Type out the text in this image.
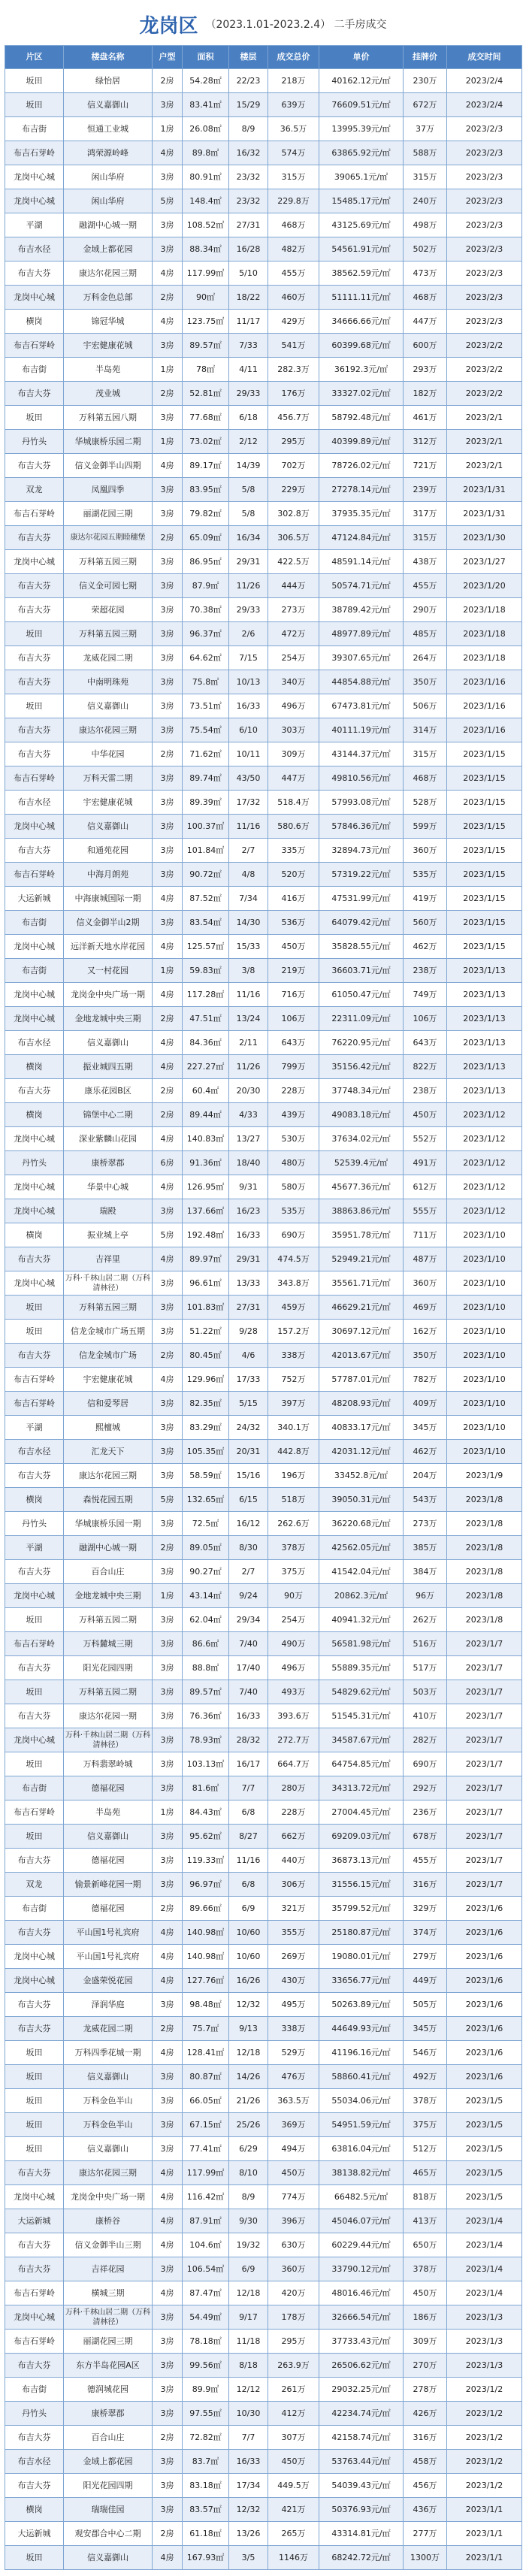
龙岗区 （2023.1.01-2023.2.4） 二手房成交
片区	楼盘名称	户型	面积	楼层	成交总价	单价	挂牌价	成交时间
坂田	绿怡居	2房	54.28㎡	22/23	218万	40162.12元/㎡	230万	2023/2/4
坂田	信义嘉御山	3房	83.41㎡	15/29	639万	76609.51元/㎡	672万	2023/2/4
布吉街	恒通工业城	1房	26.08㎡	8/9	36.5万	13995.39元/㎡	37万	2023/2/3
布吉石芽岭	鸿荣源岭峰	4房	89.8㎡	16/32	574万	63865.92元/㎡	588万	2023/2/3
龙岗中心城	闲山华府	3房	80.91㎡	23/32	315万	39065.1元/㎡	315万	2023/2/3
龙岗中心城	闲山华府	5房	148.4㎡	23/32	229.8万	15485.17元/㎡	240万	2023/2/3
平湖	融湖中心城一期	3房	108.52㎡	27/31	468万	43125.69元/㎡	498万	2023/2/3
布吉水径	金域上都花园	3房	88.34㎡	16/28	482万	54561.91元/㎡	502万	2023/2/3
布吉大芬	康达尔花园三期	4房	117.99㎡	5/10	455万	38562.59元/㎡	473万	2023/2/3
龙岗中心城	万科金色总部	2房	90㎡	18/22	460万	51111.11元/㎡	468万	2023/2/3
横岗	锦冠华城	4房	123.75㎡	11/17	429万	34666.66元/㎡	447万	2023/2/3
布吉石芽岭	宇宏健康花城	3房	89.57㎡	7/33	541万	60399.68元/㎡	600万	2023/2/2
布吉街	半岛苑	1房	78㎡	4/11	282.3万	36192.3元/㎡	293万	2023/2/2
布吉大芬	茂业城	2房	52.81㎡	29/33	176万	33327.02元/㎡	182万	2023/2/2
坂田	万科第五园八期	3房	77.68㎡	6/18	456.7万	58792.48元/㎡	461万	2023/2/1
丹竹头	华城康桥乐园二期	1房	73.02㎡	2/12	295万	40399.89元/㎡	312万	2023/2/1
布吉大芬	信义金御半山四期	4房	89.17㎡	14/39	702万	78726.02元/㎡	721万	2023/2/1
双龙	凤凰四季	3房	83.95㎡	5/8	229万	27278.14元/㎡	239万	2023/1/31
布吉石芽岭	丽湖花园三期	3房	79.82㎡	5/8	302.8万	37935.35元/㎡	317万	2023/1/31
布吉大芬	康达尔花园五期睦穗堡	2房	65.09㎡	16/34	306.5万	47124.84元/㎡	315万	2023/1/30
龙岗中心城	万科第五园三期	3房	86.95㎡	29/31	422.5万	48591.14元/㎡	438万	2023/1/27
布吉大芬	信义金可园七期	3房	87.9㎡	11/26	444万	50574.71元/㎡	455万	2023/1/20
布吉大芬	荣超花园	3房	70.38㎡	29/33	273万	38789.42元/㎡	290万	2023/1/18
坂田	万科第五园三期	3房	96.37㎡	2/6	472万	48977.89元/㎡	485万	2023/1/18
布吉大芬	龙威花园二期	3房	64.62㎡	7/15	254万	39307.65元/㎡	264万	2023/1/18
布吉大芬	中南明珠苑	3房	75.8㎡	10/13	340万	44854.88元/㎡	350万	2023/1/16
坂田	信义嘉御山	3房	73.51㎡	16/33	496万	67473.81元/㎡	506万	2023/1/16
布吉大芬	康达尔花园三期	3房	75.54㎡	6/10	303万	40111.19元/㎡	314万	2023/1/16
布吉大芬	中华花园	2房	71.62㎡	10/11	309万	43144.37元/㎡	315万	2023/1/15
布吉石芽岭	万科天雷二期	3房	89.74㎡	43/50	447万	49810.56元/㎡	468万	2023/1/15
布吉水径	宇宏健康花城	3房	89.39㎡	17/32	518.4万	57993.08元/㎡	528万	2023/1/15
龙岗中心城	信义嘉御山	3房	100.37㎡	11/16	580.6万	57846.36元/㎡	599万	2023/1/15
布吉大芬	和通苑花园	3房	101.84㎡	2/7	335万	32894.73元/㎡	360万	2023/1/15
布吉石芽岭	中海月朗苑	3房	90.72㎡	4/8	520万	57319.22元/㎡	535万	2023/1/15
大运新城	中海康城国际一期	4房	87.52㎡	7/34	416万	47531.99元/㎡	419万	2023/1/15
布吉街	信义金御半山2期	3房	83.54㎡	14/30	536万	64079.42元/㎡	560万	2023/1/15
龙岗中心城	远洋新天地水岸花园	4房	125.57㎡	15/33	450万	35828.55元/㎡	462万	2023/1/15
布吉街	又一村花园	1房	59.83㎡	3/8	219万	36603.71元/㎡	238万	2023/1/13
龙岗中心城	龙岗金中央广场一期	4房	117.28㎡	11/16	716万	61050.47元/㎡	749万	2023/1/13
龙岗中心城	金地龙城中央三期	2房	47.51㎡	13/24	106万	22311.09元/㎡	106万	2023/1/13
布吉水径	信义嘉御山	4房	84.36㎡	2/11	643万	76220.95元/㎡	643万	2023/1/13
横岗	振业城四五期	4房	227.27㎡	11/26	799万	35156.42元/㎡	822万	2023/1/13
布吉大芬	康乐花园B区	2房	60.4㎡	20/30	228万	37748.34元/㎡	238万	2023/1/13
横岗	锦堡中心二期	2房	89.44㎡	4/33	439万	49083.18元/㎡	450万	2023/1/12
龙岗中心城	深业紫麟山花园	4房	140.83㎡	13/27	530万	37634.02元/㎡	552万	2023/1/12
丹竹头	康桥翠郡	6房	91.36㎡	18/40	480万	52539.4元/㎡	491万	2023/1/12
龙岗中心城	华景中心城	4房	126.95㎡	9/31	580万	45677.36元/㎡	612万	2023/1/12
龙岗中心城	瑞殿	3房	137.66㎡	16/23	535万	38863.86元/㎡	555万	2023/1/12
横岗	振业城上亭	5房	192.48㎡	16/33	690万	35951.78元/㎡	711万	2023/1/10
布吉大芬	吉祥里	4房	89.97㎡	29/31	474.5万	52949.21元/㎡	487万	2023/1/10
龙岗中心城	万科·千林山居二期（万科清林径）	3房	96.61㎡	13/33	343.8万	35561.71元/㎡	360万	2023/1/10
坂田	万科第五园三期	3房	101.83㎡	27/31	459万	46629.21元/㎡	469万	2023/1/10
坂田	信龙金城市广场五期	3房	51.22㎡	9/28	157.2万	30697.12元/㎡	162万	2023/1/10
布吉大芬	信龙金城市广场	2房	80.45㎡	4/6	338万	42013.67元/㎡	350万	2023/1/10
布吉石芽岭	宇宏健康花城	4房	129.96㎡	17/33	752万	57787.01元/㎡	782万	2023/1/10
布吉石芽岭	信和爱琴居	3房	82.35㎡	5/15	397万	48208.93元/㎡	409万	2023/1/10
平湖	熙檀城	3房	83.29㎡	24/32	340.1万	40833.17元/㎡	345万	2023/1/10
布吉水径	汇龙天下	3房	105.35㎡	20/31	442.8万	42031.12元/㎡	462万	2023/1/10
布吉大芬	康达尔花园三期	3房	58.59㎡	15/16	196万	33452.8元/㎡	204万	2023/1/9
横岗	森悦花园五期	5房	132.65㎡	6/15	518万	39050.31元/㎡	543万	2023/1/8
丹竹头	华城康桥乐园一期	3房	72.5㎡	16/12	262.6万	36220.68元/㎡	273万	2023/1/8
平湖	融湖中心城一期	2房	89.05㎡	8/30	378万	42562.05元/㎡	385万	2023/1/8
布吉大芬	百合山庄	3房	90.27㎡	2/7	375万	41542.04元/㎡	384万	2023/1/8
龙岗中心城	金地龙城中央三期	1房	43.14㎡	9/24	90万	20862.3元/㎡	96万	2023/1/8
坂田	万科第五园二期	3房	62.04㎡	29/34	254万	40941.32元/㎡	262万	2023/1/8
布吉石芽岭	万科麓城三期	3房	86.6㎡	7/40	490万	56581.98元/㎡	516万	2023/1/7
布吉大芬	阳光花园四期	3房	88.8㎡	17/40	496万	55889.35元/㎡	517万	2023/1/7
坂田	万科第五园二期	3房	89.57㎡	7/40	493万	54829.62元/㎡	503万	2023/1/7
布吉大芬	康达尔花园一期	3房	76.36㎡	16/33	393.6万	51545.31元/㎡	410万	2023/1/7
龙岗中心城	万科·千林山居二期（万科清林径）	3房	78.93㎡	28/32	272.7万	34587.67元/㎡	282万	2023/1/7
坂田	万科翡翠岭城	3房	103.13㎡	16/17	664.7万	64754.85元/㎡	690万	2023/1/7
布吉街	德福花园	3房	81.6㎡	7/7	280万	34313.72元/㎡	292万	2023/1/7
布吉石芽岭	半岛苑	1房	84.43㎡	6/8	228万	27004.45元/㎡	236万	2023/1/7
坂田	信义嘉御山	3房	95.62㎡	8/27	662万	69209.03元/㎡	678万	2023/1/7
布吉大芬	德福花园	3房	119.33㎡	11/16	440万	36873.13元/㎡	455万	2023/1/7
双龙	愉景新峰花园一期	3房	96.97㎡	6/8	306万	31556.15元/㎡	316万	2023/1/7
布吉街	德福花园	2房	89.66㎡	6/9	321万	35799.52元/㎡	329万	2023/1/6
布吉大芬	平山国1号礼宾府	4房	140.98㎡	10/60	355万	25180.87元/㎡	374万	2023/1/6
龙岗中心城	平山国1号礼宾府	4房	140.98㎡	10/60	269万	19080.01元/㎡	279万	2023/1/6
龙岗中心城	金盛荣悦花园	4房	127.76㎡	16/26	430万	33656.77元/㎡	449万	2023/1/6
布吉大芬	泽润华庭	3房	98.48㎡	12/32	495万	50263.89元/㎡	505万	2023/1/6
布吉大芬	龙威花园二期	2房	75.7㎡	9/13	338万	44649.93元/㎡	345万	2023/1/6
坂田	万科四季花城一期	4房	128.41㎡	12/18	529万	41196.16元/㎡	546万	2023/1/6
坂田	信义嘉御山	3房	80.87㎡	14/26	476万	58860.41元/㎡	492万	2023/1/6
坂田	万科金色半山	3房	66.05㎡	21/26	363.5万	55034.06元/㎡	378万	2023/1/5
坂田	万科金色半山	3房	67.15㎡	25/26	369万	54951.59元/㎡	375万	2023/1/5
坂田	信义嘉御山	3房	77.41㎡	6/29	494万	63816.04元/㎡	512万	2023/1/5
布吉大芬	康达尔花园三期	4房	117.99㎡	8/10	450万	38138.82元/㎡	465万	2023/1/5
龙岗中心城	龙岗金中央广场一期	4房	116.42㎡	8/9	774万	66482.5元/㎡	818万	2023/1/5
大运新城	康桥谷	4房	87.91㎡	9/30	396万	45046.07元/㎡	413万	2023/1/4
布吉大芬	信义金御半山三期	4房	104.6㎡	19/32	630万	60229.44元/㎡	650万	2023/1/4
布吉大芬	吉祥花园	3房	106.54㎡	6/9	360万	33790.12元/㎡	378万	2023/1/4
布吉石芽岭	横城三期	4房	87.47㎡	12/18	420万	48016.46元/㎡	450万	2023/1/4
龙岗中心城	万科·千林山居二期（万科清林径）	3房	54.49㎡	9/17	178万	32666.54元/㎡	186万	2023/1/3
布吉石芽岭	丽湖花园三期	3房	78.18㎡	11/18	295万	37733.43元/㎡	309万	2023/1/3
布吉大芬	东方半岛花园A区	3房	99.56㎡	8/18	263.9万	26506.62元/㎡	270万	2023/1/3
布吉街	德润城花园	3房	89.9㎡	12/12	261万	29032.25元/㎡	278万	2023/1/2
丹竹头	康桥翠郡	3房	97.55㎡	10/30	412万	42234.74元/㎡	426万	2023/1/2
布吉大芬	百合山庄	2房	72.82㎡	7/7	307万	42158.74元/㎡	316万	2023/1/2
布吉水径	金域上都花园	3房	83.7㎡	16/33	450万	53763.44元/㎡	458万	2023/1/2
布吉大芬	阳光花园四期	3房	83.18㎡	17/34	449.5万	54039.43元/㎡	456万	2023/1/2
横岗	瑞瑞佳园	3房	83.57㎡	12/32	421万	50376.93元/㎡	436万	2023/1/1
大运新城	观安郡合中心二期	2房	61.18㎡	13/26	265万	43314.81元/㎡	277万	2023/1/1
坂田	信义嘉御山	4房	167.93㎡	3/5	1146万	68242.72元/㎡	1300万	2023/1/1
